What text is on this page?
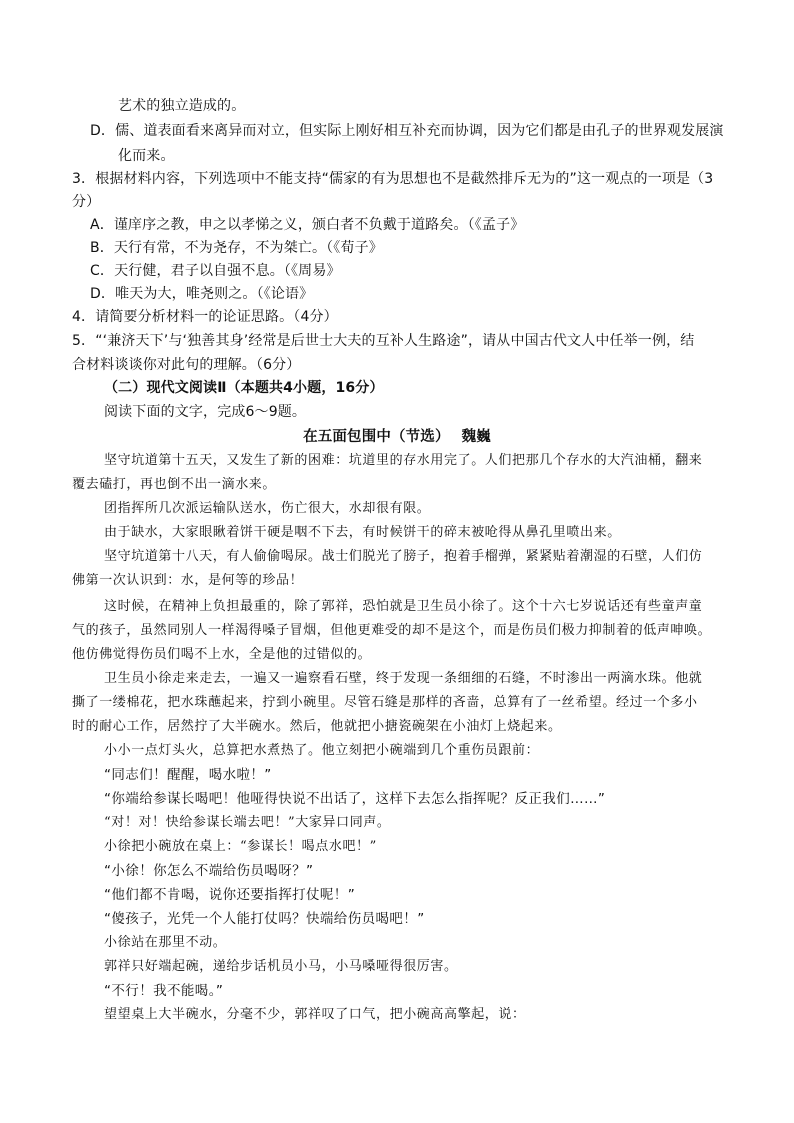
艺术的独立造成的。
D．儒、道表面看来离异而对立，但实际上刚好相互补充而协调，因为它们都是由孔子的世界观发展演
化而来。
3．根据材料内容，下列选项中不能支持“儒家的有为思想也不是截然排斥无为的”这一观点的一项是（3
分）
A．谨庠序之教，申之以孝悌之义，颁白者不负戴于道路矣。（《孟子》
B．天行有常，不为尧存，不为桀亡。（《荀子》
C．天行健，君子以自强不息。（《周易》
D．唯天为大，唯尧则之。（《论语》
4．请简要分析材料一的论证思路。（4分）
5．“‘兼济天下’与‘独善其身’经常是后世士大夫的互补人生路途”，请从中国古代文人中任举一例，结
合材料谈谈你对此句的理解。（6分）
（二）现代文阅读Ⅱ（本题共4小题，16分）
阅读下面的文字，完成6～9题。
在五面包围中（节选） 魏巍
坚守坑道第十五天，又发生了新的困难：坑道里的存水用完了。人们把那几个存水的大汽油桶，翻来
覆去磕打，再也倒不出一滴水来。
团指挥所几次派运输队送水，伤亡很大，水却很有限。
由于缺水，大家眼瞅着饼干硬是咽不下去，有时候饼干的碎末被呛得从鼻孔里喷出来。
坚守坑道第十八天，有人偷偷喝尿。战士们脱光了膀子，抱着手榴弹，紧紧贴着潮湿的石壁，人们仿
佛第一次认识到：水，是何等的珍品！
这时候，在精神上负担最重的，除了郭祥，恐怕就是卫生员小徐了。这个十六七岁说话还有些童声童
气的孩子，虽然同别人一样渴得嗓子冒烟，但他更难受的却不是这个，而是伤员们极力抑制着的低声呻唤。
他仿佛觉得伤员们喝不上水，全是他的过错似的。
卫生员小徐走来走去，一遍又一遍察看石壁，终于发现一条细细的石缝，不时渗出一两滴水珠。他就
撕了一缕棉花，把水珠蘸起来，拧到小碗里。尽管石缝是那样的吝啬，总算有了一丝希望。经过一个多小
时的耐心工作，居然拧了大半碗水。然后，他就把小搪瓷碗架在小油灯上烧起来。
小小一点灯头火，总算把水煮热了。他立刻把小碗端到几个重伤员跟前：
“同志们！醒醒，喝水啦！”
“你端给参谋长喝吧！他哑得快说不出话了，这样下去怎么指挥呢？反正我们……”
“对！对！快给参谋长端去吧！”大家异口同声。
小徐把小碗放在桌上：“参谋长！喝点水吧！”
“小徐！你怎么不端给伤员喝呀？”
“他们都不肯喝，说你还要指挥打仗呢！”
“傻孩子，光凭一个人能打仗吗？快端给伤员喝吧！”
小徐站在那里不动。
郭祥只好端起碗，递给步话机员小马，小马嗓哑得很厉害。
“不行！我不能喝。”
望望桌上大半碗水，分毫不少，郭祥叹了口气，把小碗高高擎起，说：
